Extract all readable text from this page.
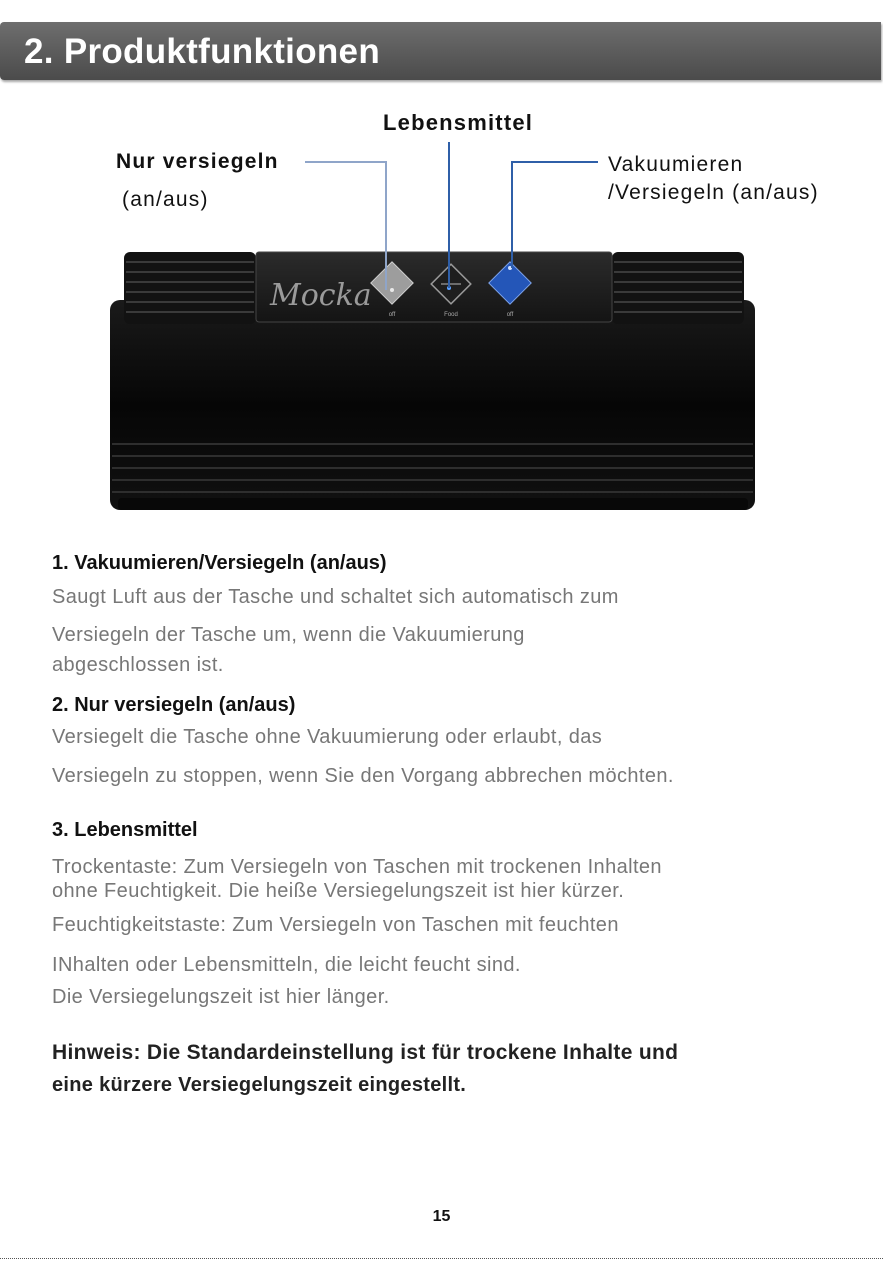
2. Produktfunktionen
Mocka
off	Food	off
Lebensmittel
Nur versiegeln
(an/aus)
Vakuumieren
/Versiegeln (an/aus)
1. Vakuumieren/Versiegeln (an/aus)
Saugt Luft aus der Tasche und schaltet sich automatisch zum
Versiegeln der Tasche um, wenn die Vakuumierung
abgeschlossen ist.
2. Nur versiegeln (an/aus)
Versiegelt die Tasche ohne Vakuumierung oder erlaubt, das
Versiegeln zu stoppen, wenn Sie den Vorgang abbrechen möchten.
3. Lebensmittel
Trockentaste: Zum Versiegeln von Taschen mit trockenen Inhalten
ohne Feuchtigkeit. Die heiße Versiegelungszeit ist hier kürzer.
Feuchtigkeitstaste: Zum Versiegeln von Taschen mit feuchten
INhalten oder Lebensmitteln, die leicht feucht sind.
Die Versiegelungszeit ist hier länger.
Hinweis: Die Standardeinstellung ist für trockene Inhalte und
eine kürzere Versiegelungszeit eingestellt.
15
